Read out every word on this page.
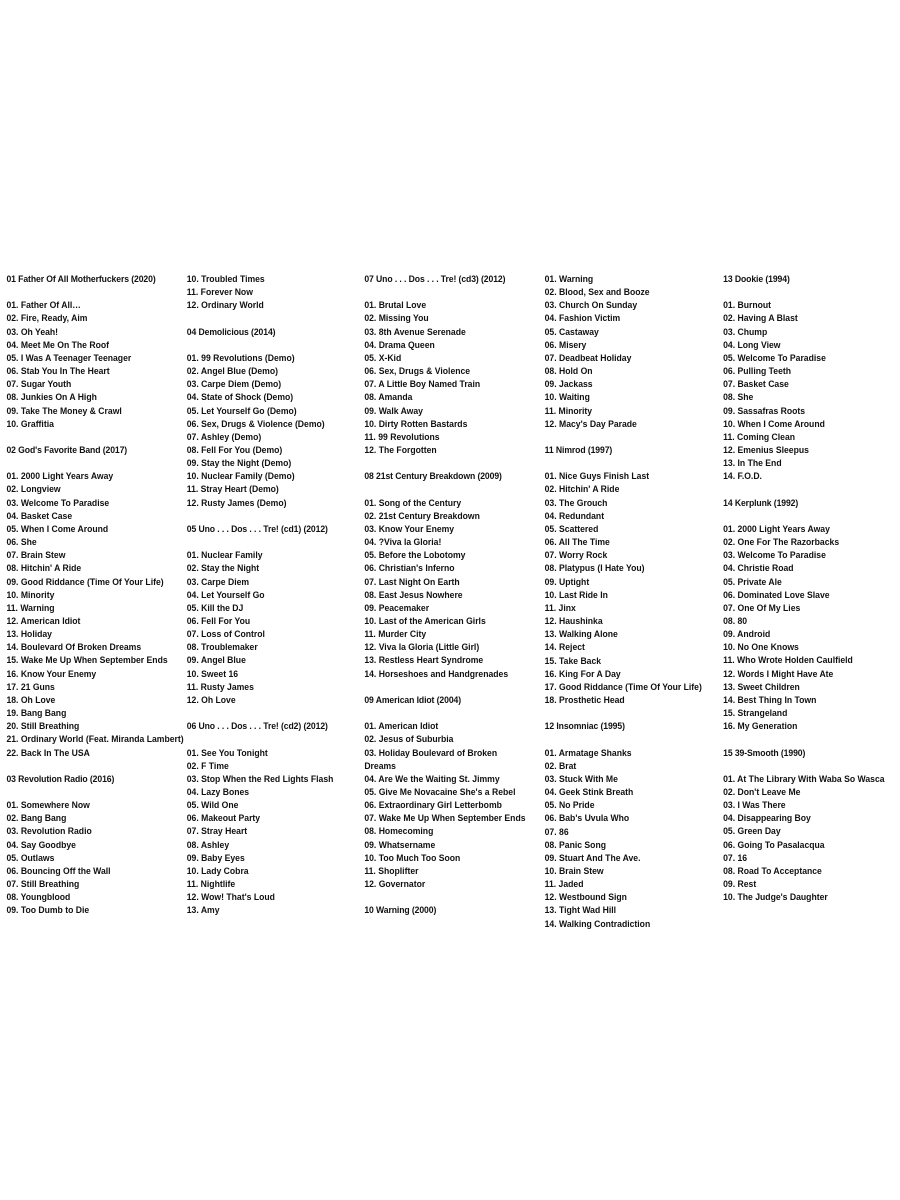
01 Father Of All Motherfuckers (2020)
01. Father Of All…
02. Fire, Ready, Aim
03. Oh Yeah!
04. Meet Me On The Roof
05. I Was A Teenager Teenager
06. Stab You In The Heart
07. Sugar Youth
08. Junkies On A High
09. Take The Money & Crawl
10. Graffitia
02 God's Favorite Band (2017)
01. 2000 Light Years Away
02. Longview
03. Welcome To Paradise
04. Basket Case
05. When I Come Around
06. She
07. Brain Stew
08. Hitchin' A Ride
09. Good Riddance (Time Of Your Life)
10. Minority
11. Warning
12. American Idiot
13. Holiday
14. Boulevard Of Broken Dreams
15. Wake Me Up When September Ends
16. Know Your Enemy
17. 21 Guns
18. Oh Love
19. Bang Bang
20. Still Breathing
21. Ordinary World (Feat. Miranda Lambert)
22. Back In The USA
03 Revolution Radio (2016)
01. Somewhere Now
02. Bang Bang
03. Revolution Radio
04. Say Goodbye
05. Outlaws
06. Bouncing Off the Wall
07. Still Breathing
08. Youngblood
09. Too Dumb to Die
10. Troubled Times
11. Forever Now
12. Ordinary World
04 Demolicious (2014)
01. 99 Revolutions (Demo)
02. Angel Blue (Demo)
03. Carpe Diem (Demo)
04. State of Shock (Demo)
05. Let Yourself Go (Demo)
06. Sex, Drugs & Violence (Demo)
07. Ashley (Demo)
08. Fell For You (Demo)
09. Stay the Night (Demo)
10. Nuclear Family (Demo)
11. Stray Heart (Demo)
12. Rusty James (Demo)
05 Uno . . . Dos . . . Tre! (cd1) (2012)
01. Nuclear Family
02. Stay the Night
03. Carpe Diem
04. Let Yourself Go
05. Kill the DJ
06. Fell For You
07. Loss of Control
08. Troublemaker
09. Angel Blue
10. Sweet 16
11. Rusty James
12. Oh Love
06 Uno . . . Dos . . . Tre! (cd2) (2012)
01. See You Tonight
02. F Time
03. Stop When the Red Lights Flash
04. Lazy Bones
05. Wild One
06. Makeout Party
07. Stray Heart
08. Ashley
09. Baby Eyes
10. Lady Cobra
11. Nightlife
12. Wow! That's Loud
13. Amy
07 Uno . . . Dos . . . Tre! (cd3) (2012)
01. Brutal Love
02. Missing You
03. 8th Avenue Serenade
04. Drama Queen
05. X-Kid
06. Sex, Drugs & Violence
07. A Little Boy Named Train
08. Amanda
09. Walk Away
10. Dirty Rotten Bastards
11. 99 Revolutions
12. The Forgotten
08 21st Century Breakdown (2009)
01. Song of the Century
02. 21st Century Breakdown
03. Know Your Enemy
04. ?Viva la Gloria!
05. Before the Lobotomy
06. Christian's Inferno
07. Last Night On Earth
08. East Jesus Nowhere
09. Peacemaker
10. Last of the American Girls
11. Murder City
12. Viva la Gloria (Little Girl)
13. Restless Heart Syndrome
14. Horseshoes and Handgrenades
09 American Idiot (2004)
01. American Idiot
02. Jesus of Suburbia
03. Holiday Boulevard of Broken Dreams
04. Are We the Waiting St. Jimmy
05. Give Me Novacaine She's a Rebel
06. Extraordinary Girl Letterbomb
07. Wake Me Up When September Ends
08. Homecoming
09. Whatsername
10. Too Much Too Soon
11. Shoplifter
12. Governator
10 Warning (2000)
01. Warning
02. Blood, Sex and Booze
03. Church On Sunday
04. Fashion Victim
05. Castaway
06. Misery
07. Deadbeat Holiday
08. Hold On
09. Jackass
10. Waiting
11. Minority
12. Macy's Day Parade
11 Nimrod (1997)
01. Nice Guys Finish Last
02. Hitchin' A Ride
03. The Grouch
04. Redundant
05. Scattered
06. All The Time
07. Worry Rock
08. Platypus (I Hate You)
09. Uptight
10. Last Ride In
11. Jinx
12. Haushinka
13. Walking Alone
14. Reject
15. Take Back
16. King For A Day
17. Good Riddance (Time Of Your Life)
18. Prosthetic Head
12 Insomniac (1995)
01. Armatage Shanks
02. Brat
03. Stuck With Me
04. Geek Stink Breath
05. No Pride
06. Bab's Uvula Who
07. 86
08. Panic Song
09. Stuart And The Ave.
10. Brain Stew
11. Jaded
12. Westbound Sign
13. Tight Wad Hill
14. Walking Contradiction
13 Dookie (1994)
01. Burnout
02. Having A Blast
03. Chump
04. Long View
05. Welcome To Paradise
06. Pulling Teeth
07. Basket Case
08. She
09. Sassafras Roots
10. When I Come Around
11. Coming Clean
12. Emenius Sleepus
13. In The End
14. F.O.D.
14 Kerplunk (1992)
01. 2000 Light Years Away
02. One For The Razorbacks
03. Welcome To Paradise
04. Christie Road
05. Private Ale
06. Dominated Love Slave
07. One Of My Lies
08. 80
09. Android
10. No One Knows
11. Who Wrote Holden Caulfield
12. Words I Might Have Ate
13. Sweet Children
14. Best Thing In Town
15. Strangeland
16. My Generation
15 39-Smooth (1990)
01. At The Library With Waba So Wasca
02. Don't Leave Me
03. I Was There
04. Disappearing Boy
05. Green Day
06. Going To Pasalacqua
07. 16
08. Road To Acceptance
09. Rest
10. The Judge's Daughter
